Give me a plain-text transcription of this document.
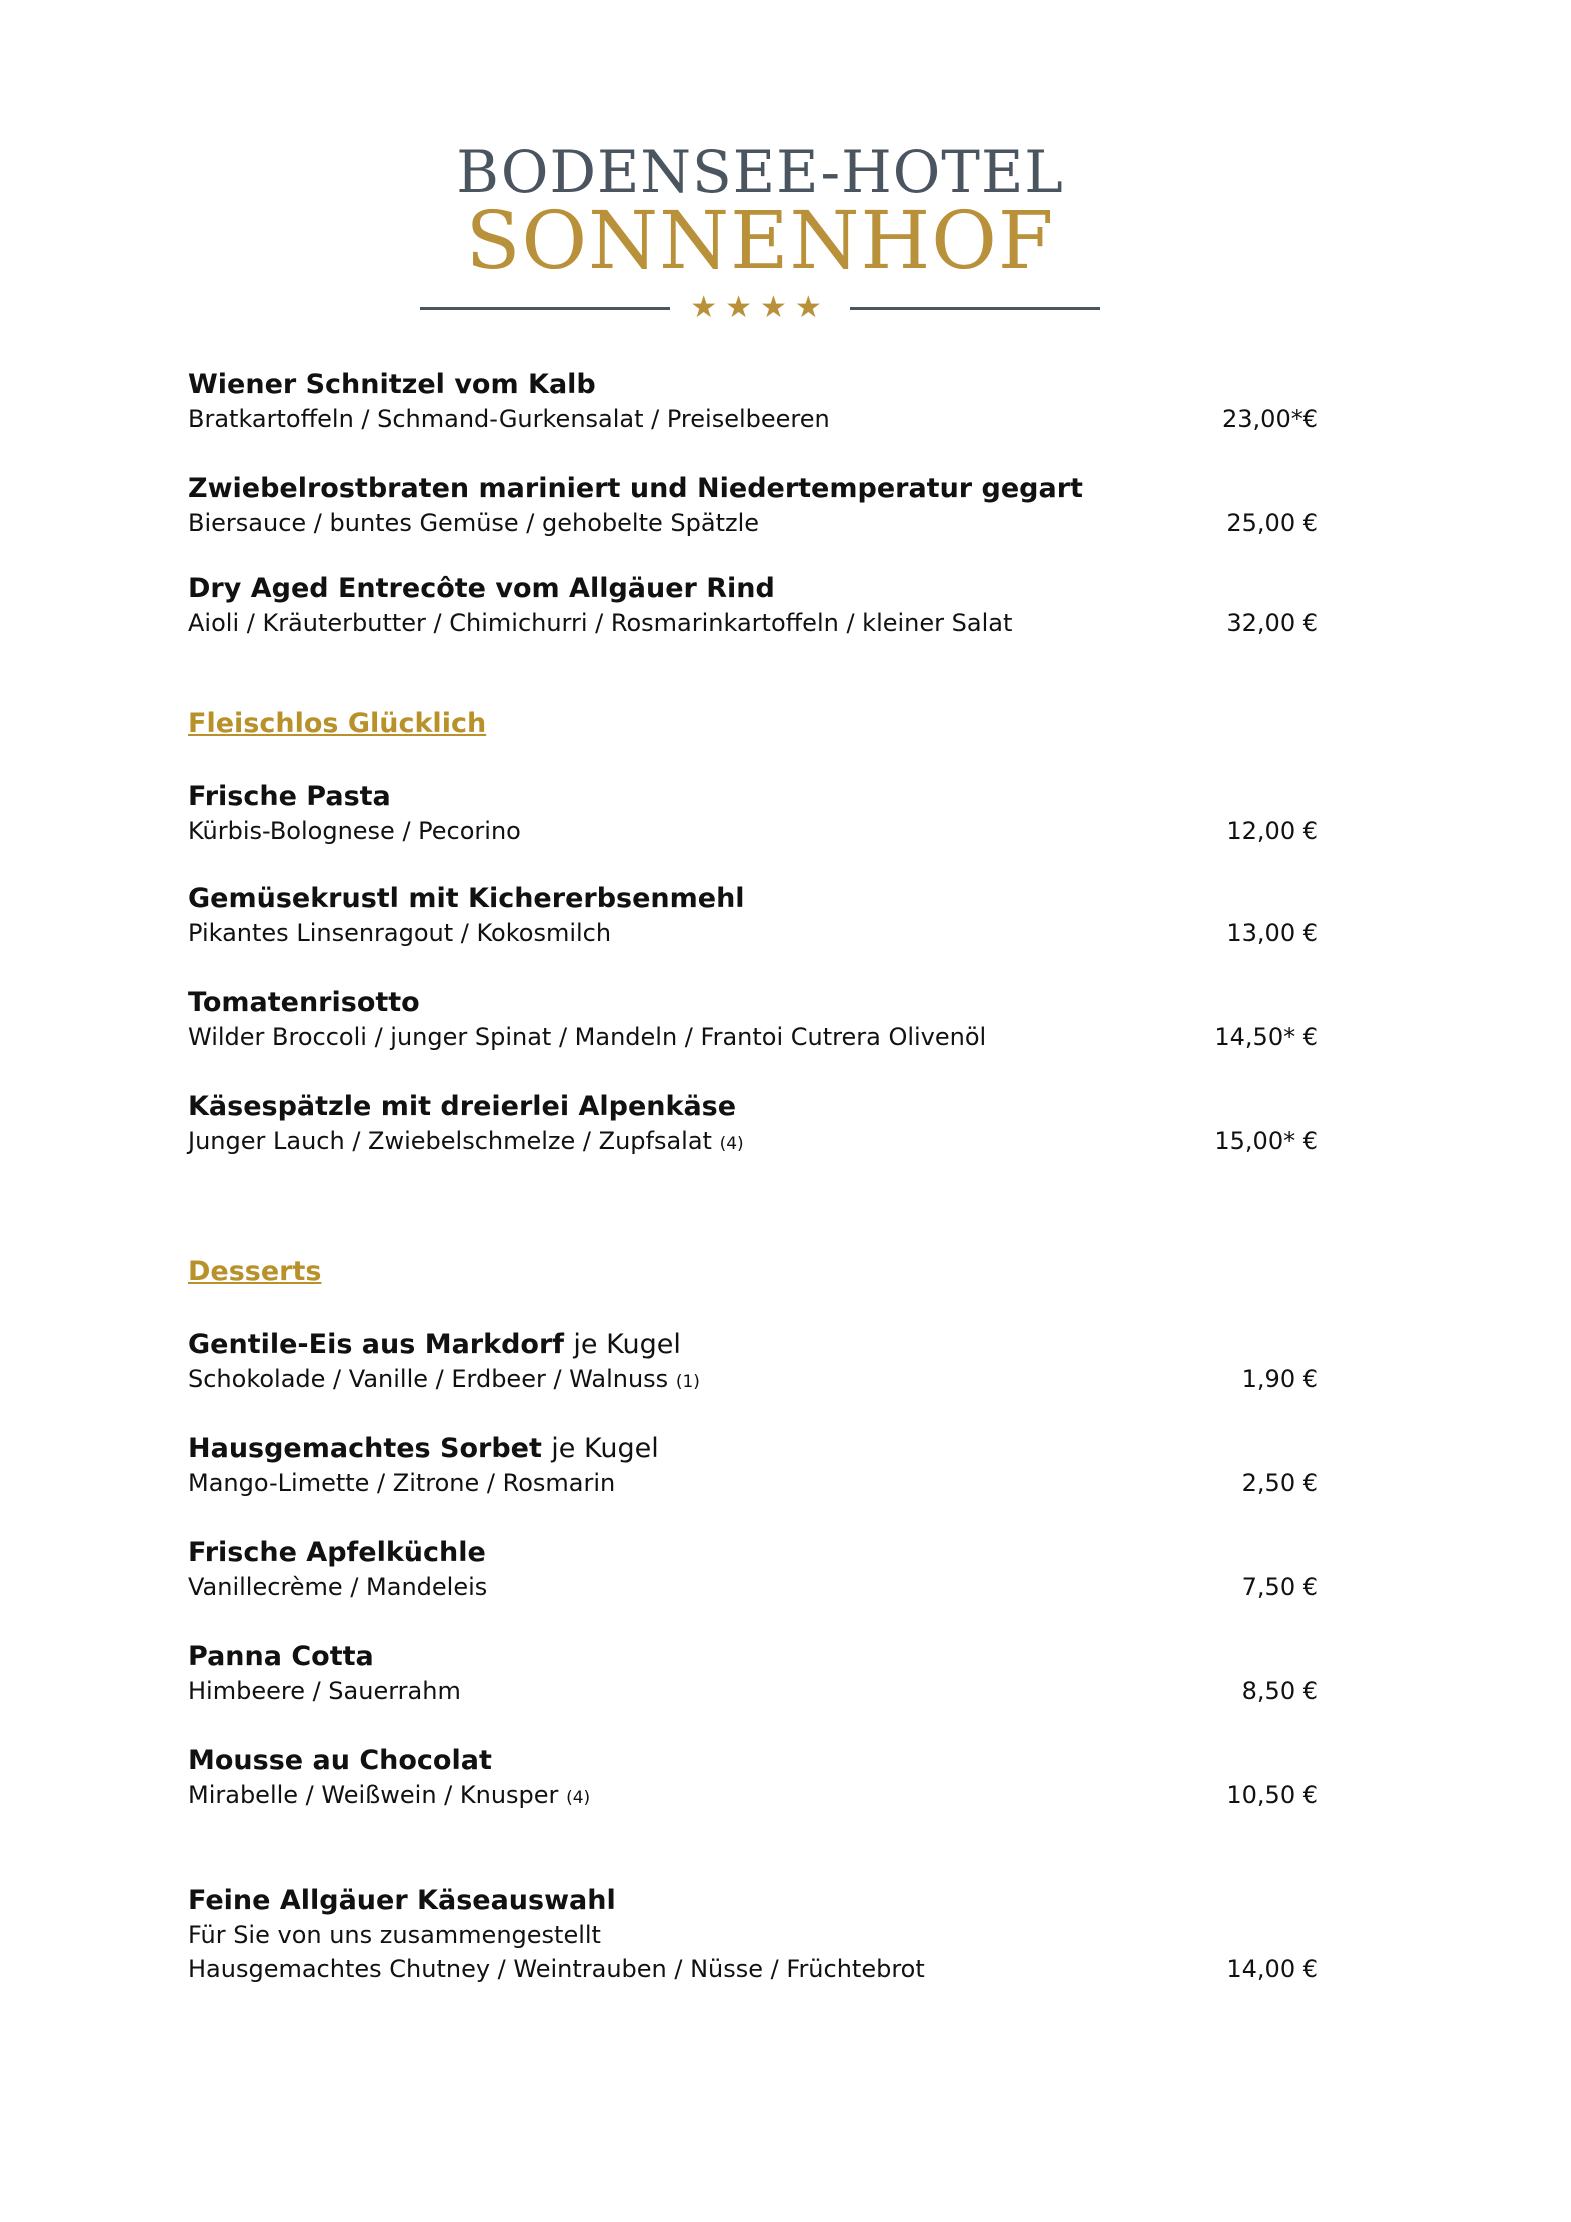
BODENSEE-HOTEL
SONNENHOF
★★★★
Wiener Schnitzel vom Kalb
Bratkartoffeln / Schmand-Gurkensalat / Preiselbeeren	23,00*€
Zwiebelrostbraten mariniert und Niedertemperatur gegart
Biersauce / buntes Gemüse / gehobelte Spätzle	25,00 €
Dry Aged Entrecôte vom Allgäuer Rind
Aioli / Kräuterbutter / Chimichurri / Rosmarinkartoffeln / kleiner Salat	32,00 €
Fleischlos Glücklich
Frische Pasta
Kürbis-Bolognese / Pecorino	12,00 €
Gemüsekrustl mit Kichererbsenmehl
Pikantes Linsenragout / Kokosmilch	13,00 €
Tomatenrisotto
Wilder Broccoli / junger Spinat / Mandeln / Frantoi Cutrera Olivenöl	14,50* €
Käsespätzle mit dreierlei Alpenkäse
Junger Lauch / Zwiebelschmelze / Zupfsalat (4)	15,00* €
Desserts
Gentile-Eis aus Markdorf je Kugel
Schokolade / Vanille / Erdbeer / Walnuss (1)	1,90 €
Hausgemachtes Sorbet je Kugel
Mango-Limette / Zitrone / Rosmarin	2,50 €
Frische Apfelküchle
Vanillecrème / Mandeleis	7,50 €
Panna Cotta
Himbeere / Sauerrahm	8,50 €
Mousse au Chocolat
Mirabelle / Weißwein / Knusper (4)	10,50 €
Feine Allgäuer Käseauswahl
Für Sie von uns zusammengestellt
Hausgemachtes Chutney / Weintrauben / Nüsse / Früchtebrot	14,00 €
